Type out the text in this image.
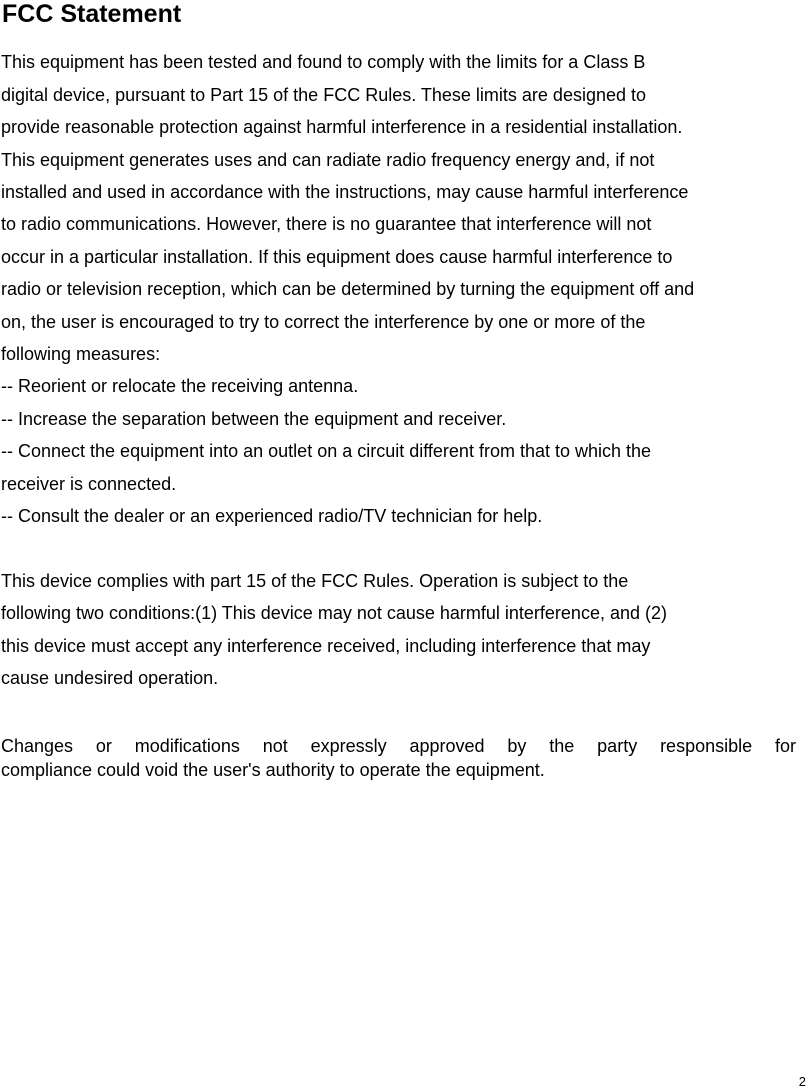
FCC Statement

This equipment has been tested and found to comply with the limits for a Class B

digital device, pursuant to Part 15 of the FCC Rules. These limits are designed to

provide reasonable protection against harmful interference in a residential installation.

This equipment generates uses and can radiate radio frequency energy and, if not

installed and used in accordance with the instructions, may cause harmful interference

to radio communications. However, there is no guarantee that interference will not

occur in a particular installation. If this equipment does cause harmful interference to

radio or television reception, which can be determined by turning the equipment off and

on, the user is encouraged to try to correct the interference by one or more of the

following measures:

-- Reorient or relocate the receiving antenna.

-- Increase the separation between the equipment and receiver.

-- Connect the equipment into an outlet on a circuit different from that to which the

receiver is connected.

-- Consult the dealer or an experienced radio/TV technician for help.

This device complies with part 15 of the FCC Rules. Operation is subject to the

following two conditions:(1) This device may not cause harmful interference, and (2)

this device must accept any interference received, including interference that may

cause undesired operation.

Changes or modifications not expressly approved by the party responsible for

compliance could void the user's authority to operate the equipment.

2
